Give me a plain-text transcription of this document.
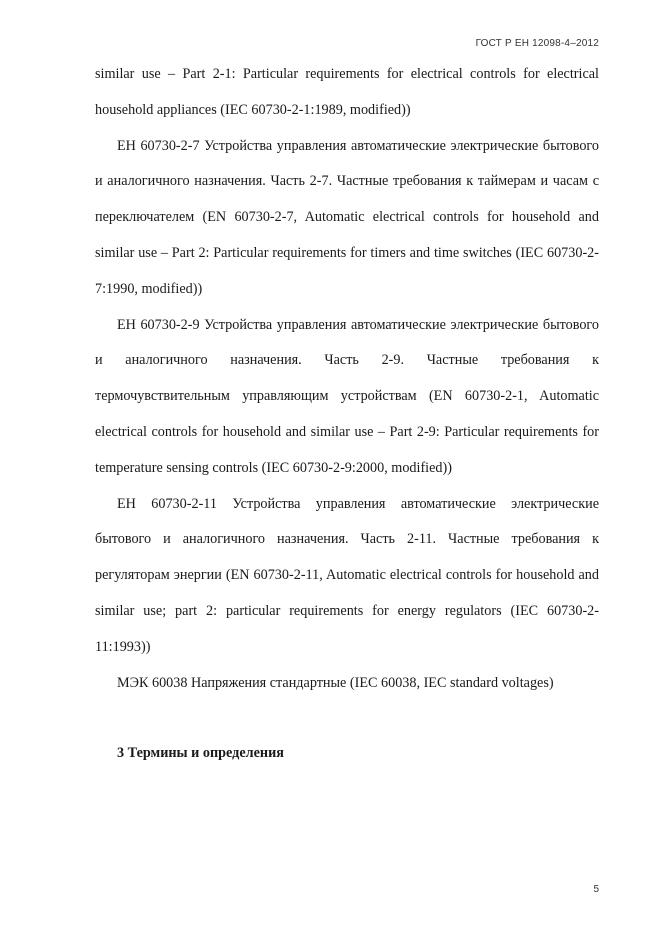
ГОСТ Р ЕН 12098-4–2012

similar use – Part 2-1: Particular requirements for electrical controls for electrical household appliances (IEC 60730-2-1:1989, modified))

ЕН 60730-2-7 Устройства управления автоматические электрические бытового и аналогичного назначения. Часть 2-7. Частные требования к таймерам и часам с переключателем (EN 60730-2-7, Automatic electrical controls for household and similar use – Part 2: Particular requirements for timers and time switches (IEC 60730-2-7:1990, modified))

ЕН 60730-2-9 Устройства управления автоматические электрические бытового и аналогичного назначения. Часть 2-9. Частные требования к термочувствительным управляющим устройствам (EN 60730-2-1, Automatic electrical controls for household and similar use – Part 2-9: Particular requirements for temperature sensing controls (IEC 60730-2-9:2000, modified))

ЕН 60730-2-11 Устройства управления автоматические электрические бытового и аналогичного назначения. Часть 2-11. Частные требования к регуляторам энергии (EN 60730-2-11, Automatic electrical controls for household and similar use; part 2: particular requirements for energy regulators (IEC 60730-2-11:1993))

МЭК 60038 Напряжения стандартные (IEC 60038, IEC standard voltages)

3 Термины и определения
5
